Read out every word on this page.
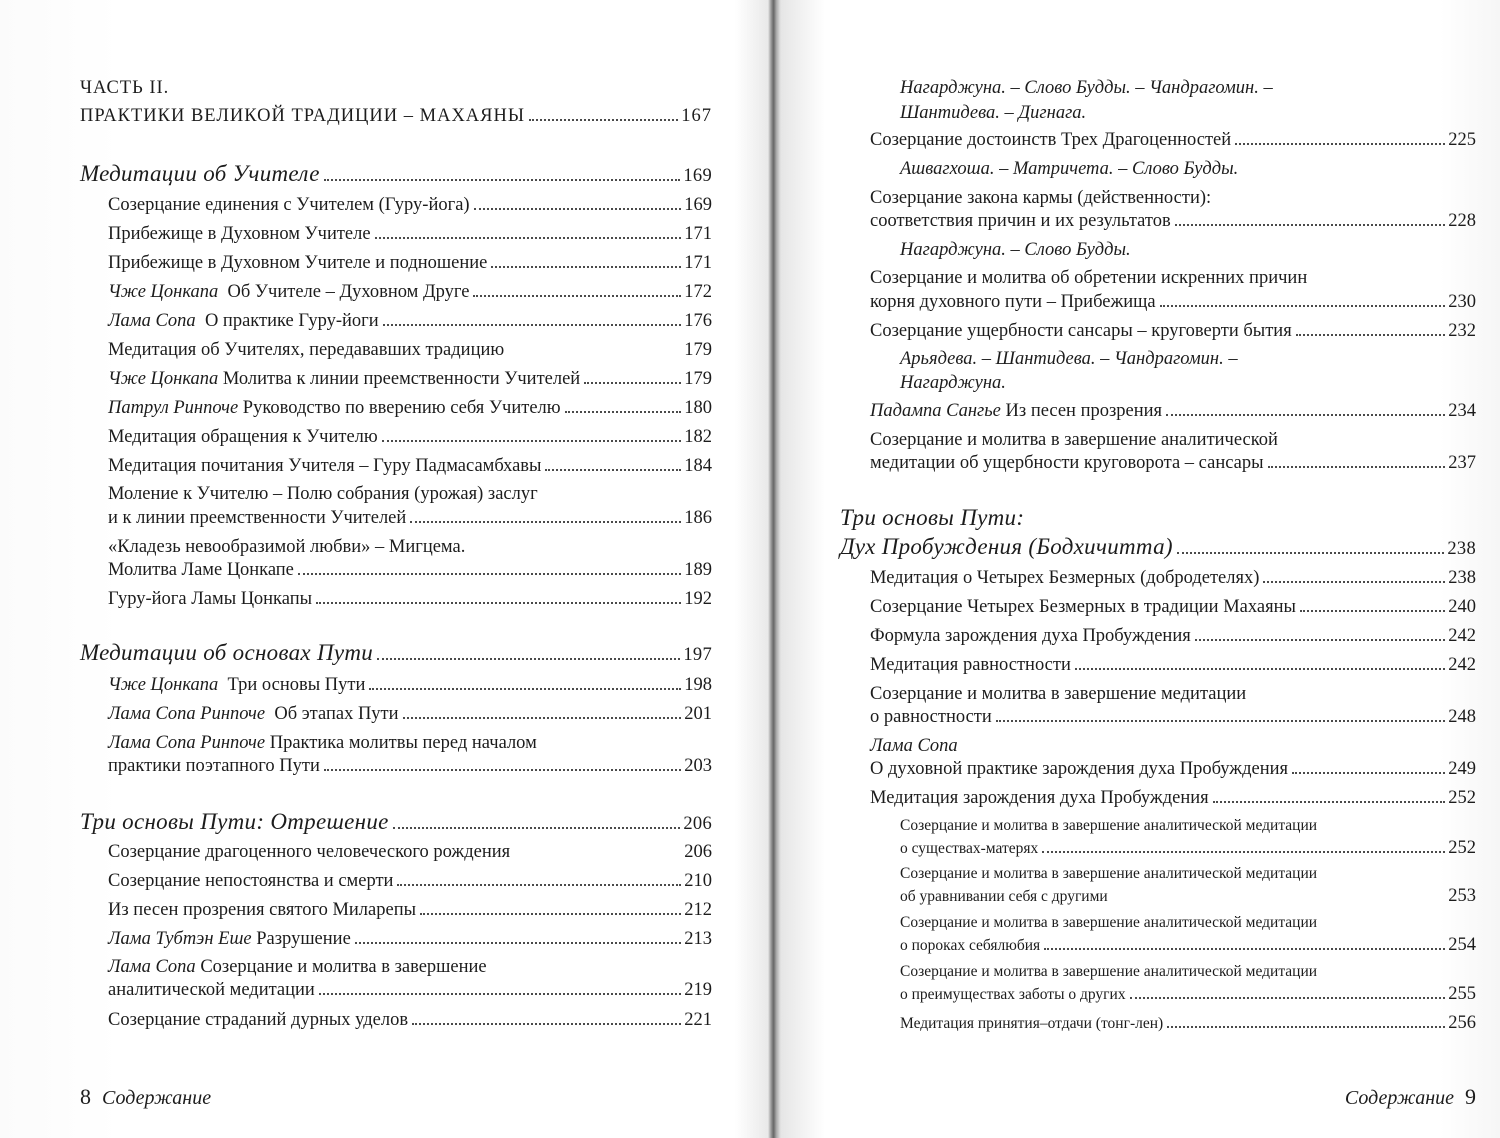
ЧАСТЬ II.
ПРАКТИКИ ВЕЛИКОЙ ТРАДИЦИИ – МАХАЯНЫ	167
Медитации об Учителе	169
Созерцание единения с Учителем (Гуру-йога)	169
Прибежище в Духовном Учителе	171
Прибежище в Духовном Учителе и подношение	171
Чже Цонкапа Об Учителе – Духовном Друге	172
Лама Сопа О практике Гуру-йоги	176
Медитация об Учителях, передававших традицию	179
Чже Цонкапа Молитва к линии преемственности Учителей	179
Патрул Ринпоче Руководство по вверению себя Учителю	180
Медитация обращения к Учителю	182
Медитация почитания Учителя – Гуру Падмасамбхавы	184
Моление к Учителю – Полю собрания (урожая) заслуг
и к линии преемственности Учителей	186
«Кладезь невообразимой любви» – Мигцема.
Молитва Ламе Цонкапе	189
Гуру-йога Ламы Цонкапы	192
Медитации об основах Пути	197
Чже Цонкапа Три основы Пути	198
Лама Сопа Ринпоче Об этапах Пути	201
Лама Сопа Ринпоче Практика молитвы перед началом
практики поэтапного Пути	203
Три основы Пути: Отрешение	206
Созерцание драгоценного человеческого рождения	206
Созерцание непостоянства и смерти	210
Из песен прозрения святого Миларепы	212
Лама Тубтэн Еше Разрушение	213
Лама Сопа Созерцание и молитва в завершение
аналитической медитации	219
Созерцание страданий дурных уделов	221
8 Содержание
Нагарджуна. – Слово Будды. – Чандрагомин. –
Шантидева. – Дигнага.
Созерцание достоинств Трех Драгоценностей	225
Ашвагхоша. – Матричета. – Слово Будды.
Созерцание закона кармы (действенности):
соответствия причин и их результатов	228
Нагарджуна. – Слово Будды.
Созерцание и молитва об обретении искренних причин
корня духовного пути – Прибежища	230
Созерцание ущербности сансары – круговерти бытия	232
Арьядева. – Шантидева. – Чандрагомин. –
Нагарджуна.
Падампа Сангье Из песен прозрения	234
Созерцание и молитва в завершение аналитической
медитации об ущербности круговорота – сансары	237
Три основы Пути:
Дух Пробуждения (Бодхичитта)	238
Медитация о Четырех Безмерных (добродетелях)	238
Созерцание Четырех Безмерных в традиции Махаяны	240
Формула зарождения духа Пробуждения	242
Медитация равностности	242
Созерцание и молитва в завершение медитации
о равностности	248
Лама Сопа
О духовной практике зарождения духа Пробуждения	249
Медитация зарождения духа Пробуждения	252
Созерцание и молитва в завершение аналитической медитации
о существах-матерях	252
Созерцание и молитва в завершение аналитической медитации
об уравнивании себя с другими	253
Созерцание и молитва в завершение аналитической медитации
о пороках себялюбия	254
Созерцание и молитва в завершение аналитической медитации
о преимуществах заботы о других	255
Медитация принятия–отдачи (тонг-лен)	256
Содержание 9
